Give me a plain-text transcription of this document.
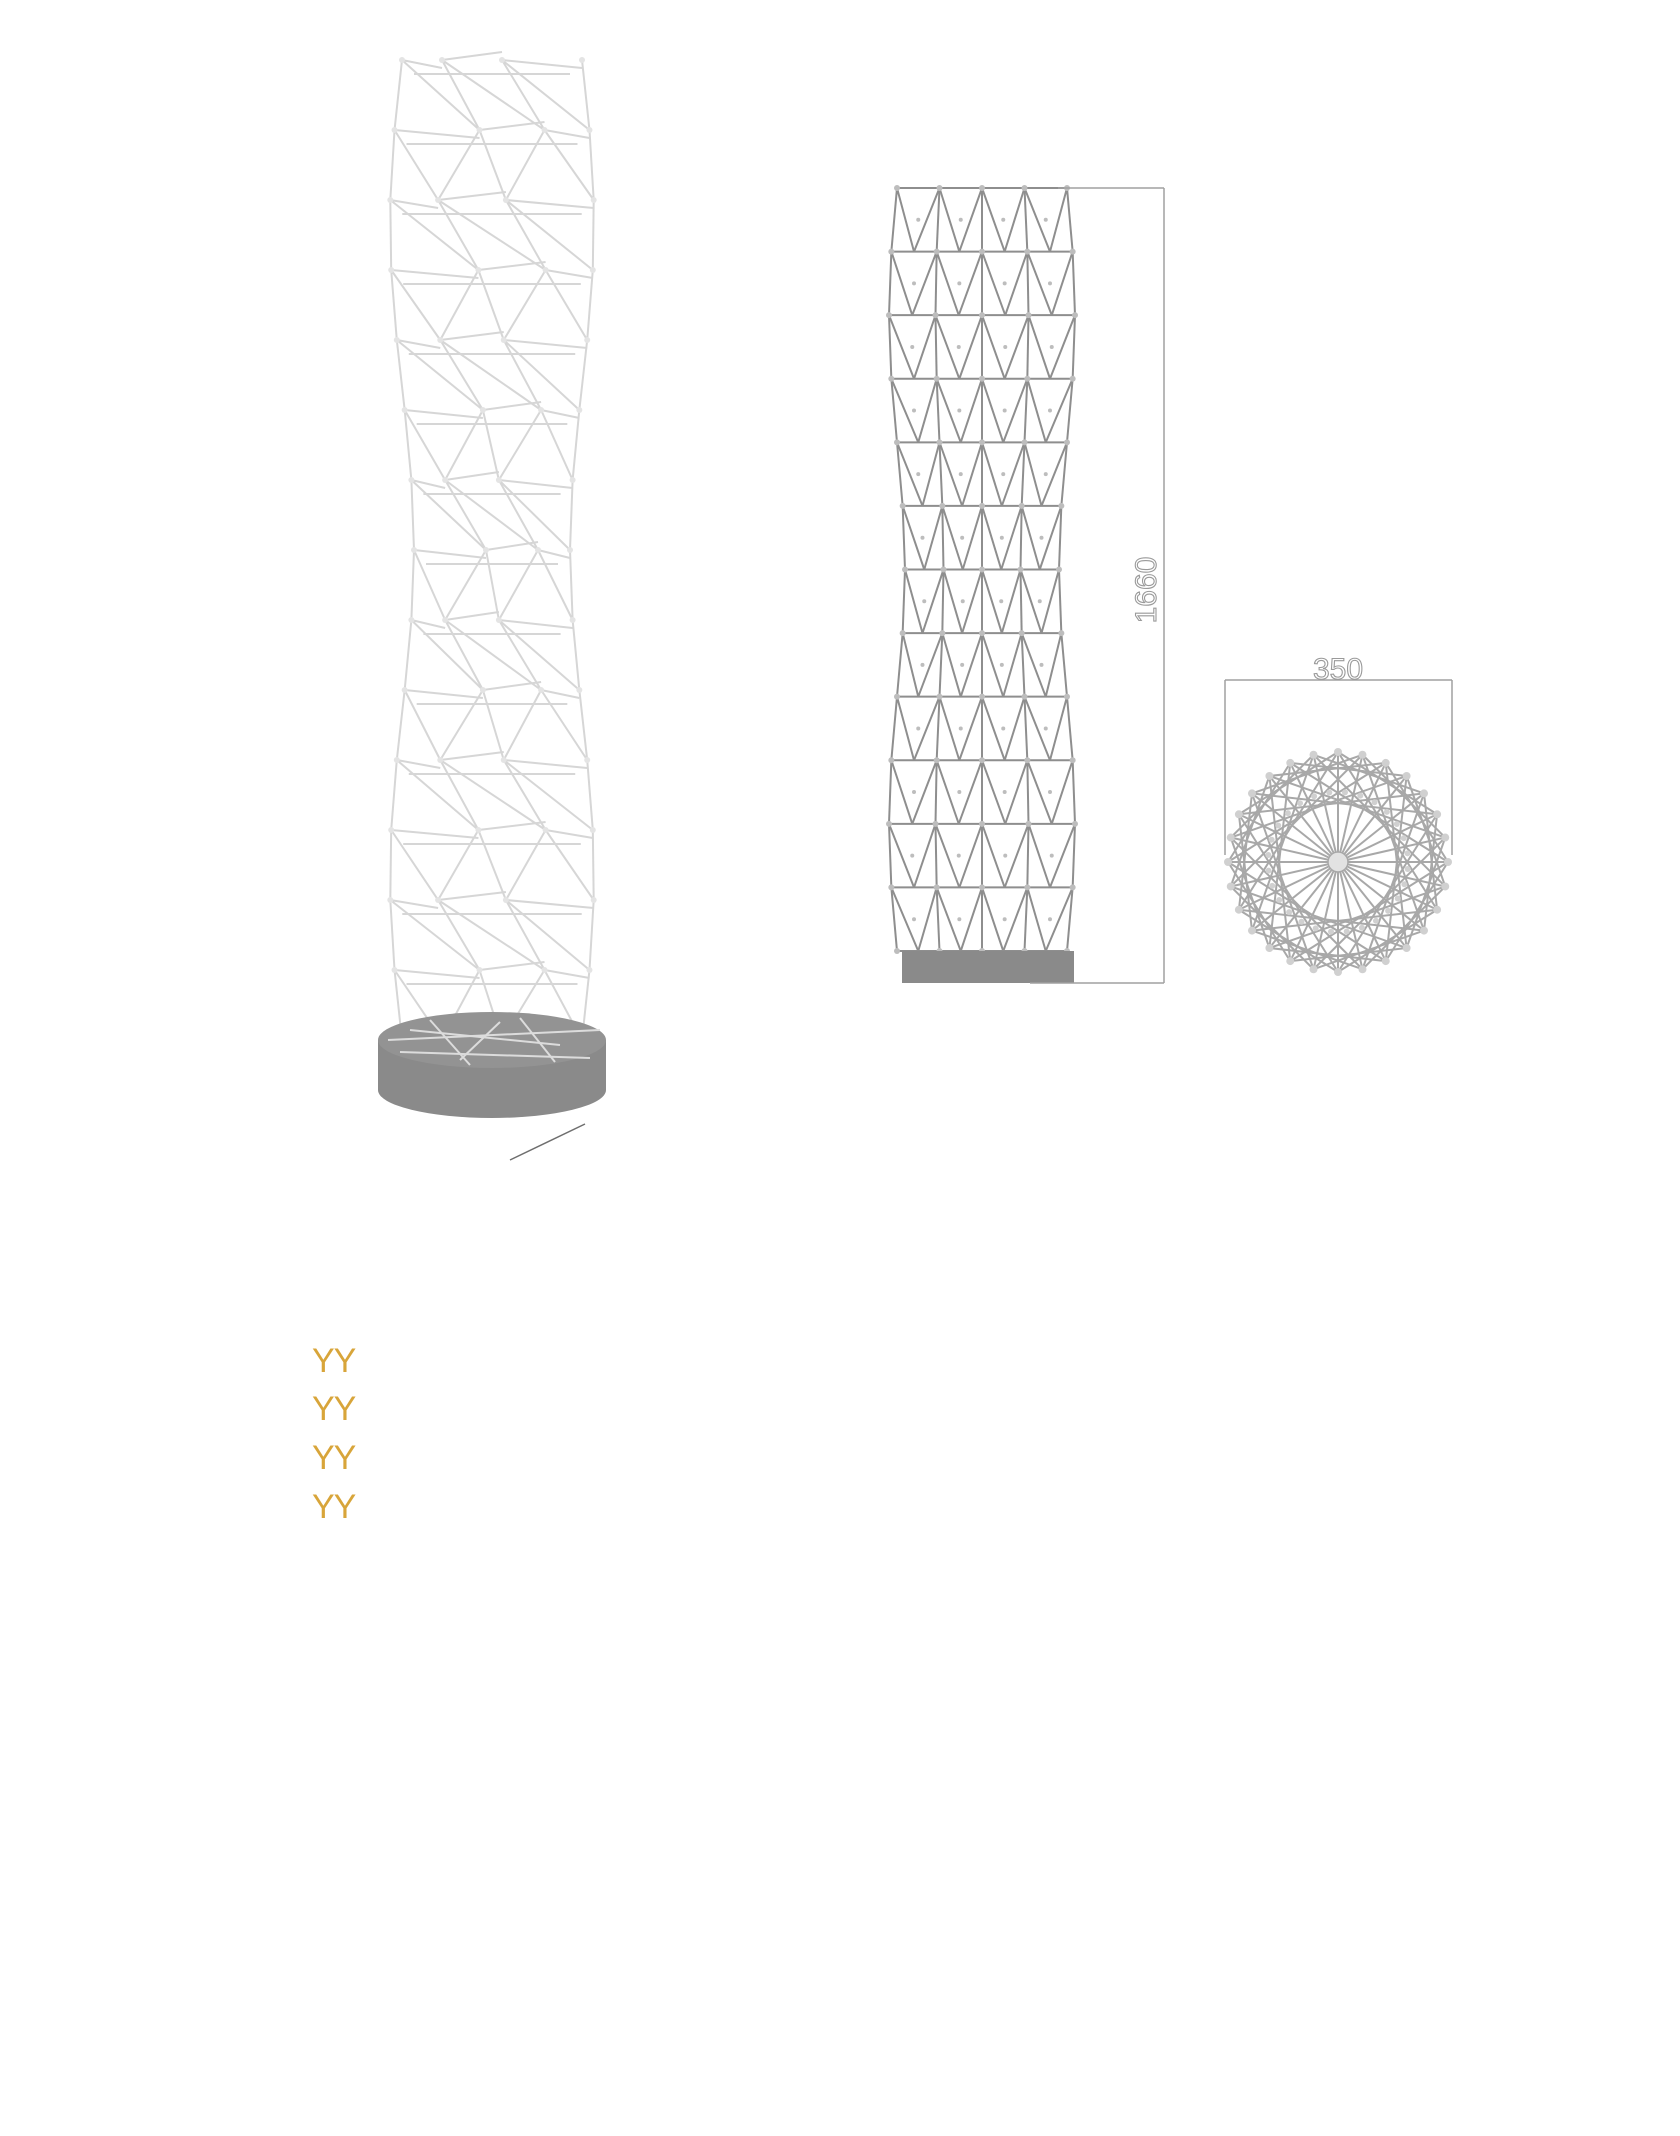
1660
350
YY
YY
YY
YY
